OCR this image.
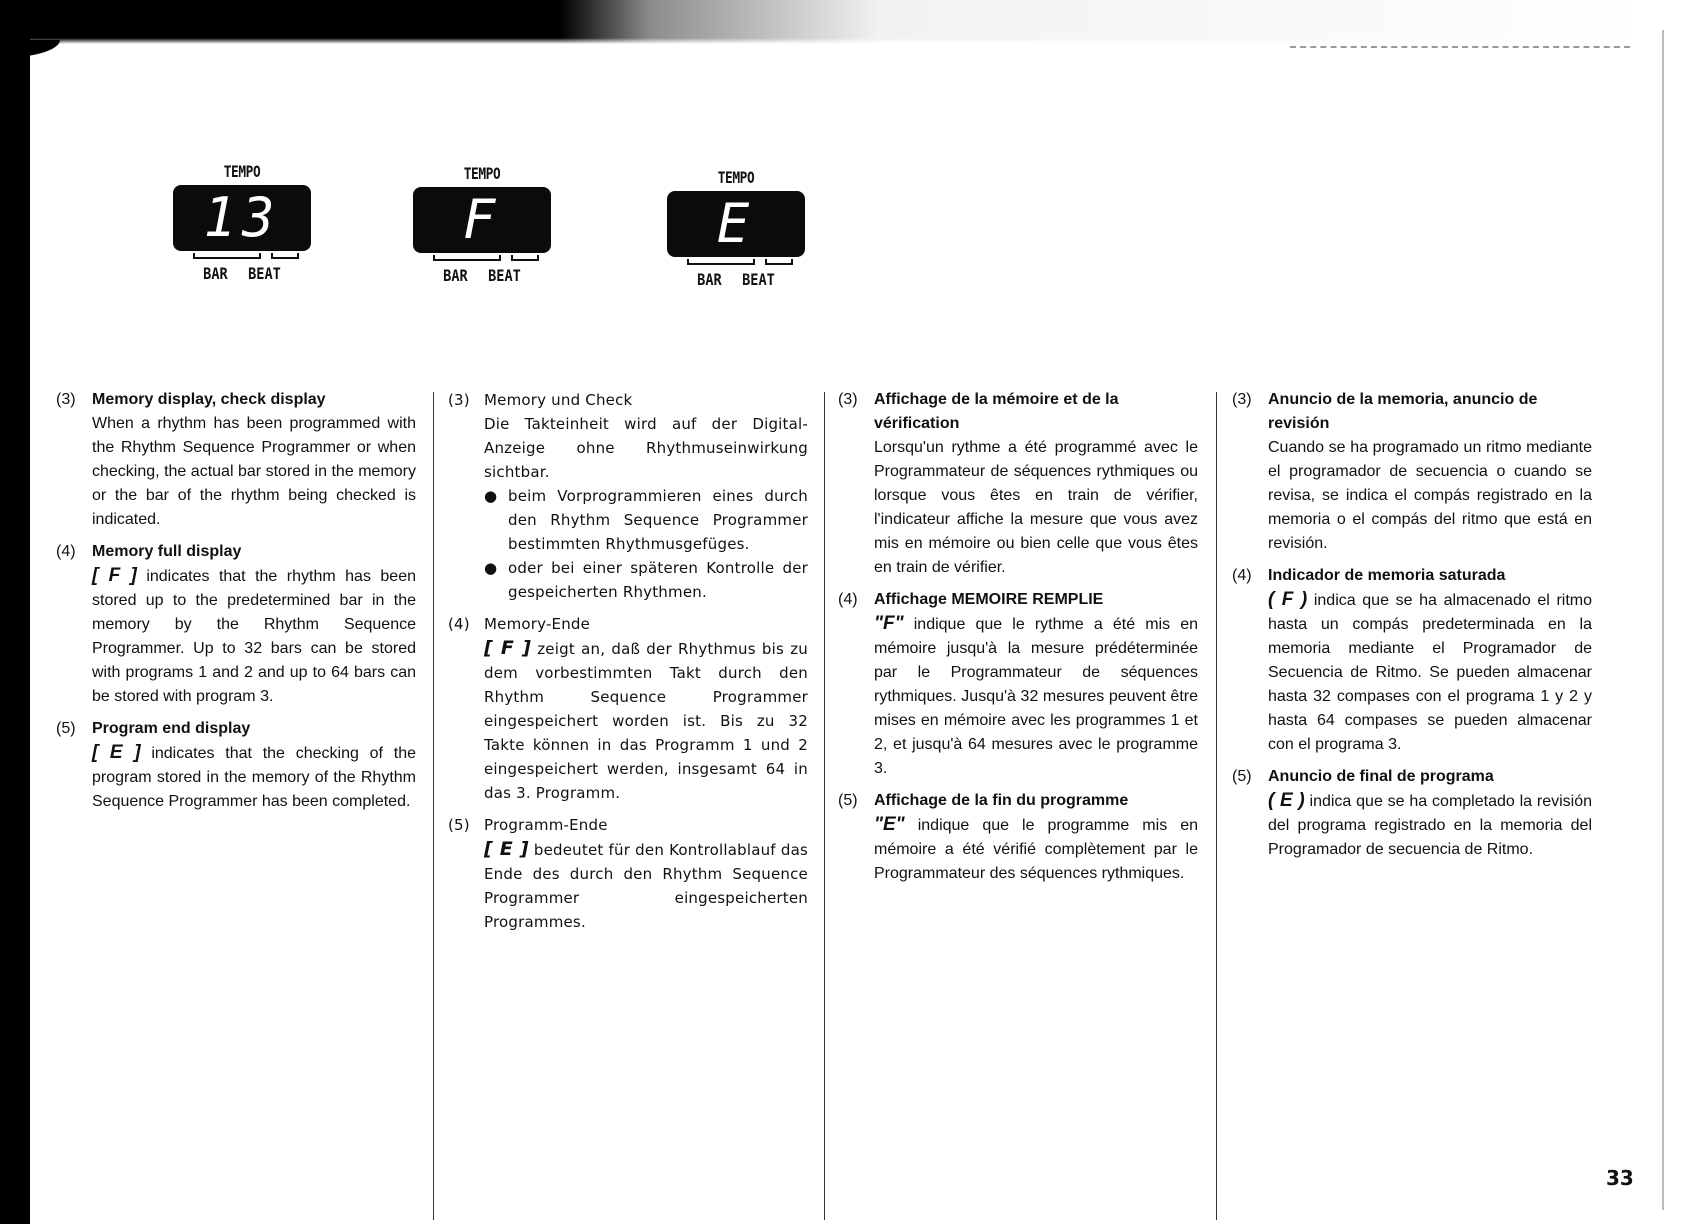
TEMPO
13
BAR BEAT
TEMPO
F
BAR BEAT
TEMPO
E
BAR BEAT
(3)	Memory display, check display
When a rhythm has been programmed with the Rhythm Sequence Programmer or when checking, the actual bar stored in the memory or the bar of the rhythm being checked is indicated.
(4)	Memory full display
[ F ] indicates that the rhythm has been stored up to the predetermined bar in the memory by the Rhythm Sequence Programmer. Up to 32 bars can be stored with programs 1 and 2 and up to 64 bars can be stored with program 3.
(5)	Program end display
[ E ] indicates that the checking of the program stored in the memory of the Rhythm Sequence Programmer has been completed.
(3) Memory und Check
Die Takteinheit wird auf der Digital-Anzeige ohne Rhythmuseinwirkung sichtbar.
● beim Vorprogrammieren eines durch den Rhythm Sequence Programmer bestimmten Rhythmusgefüges.
● oder bei einer späteren Kontrolle der gespeicherten Rhythmen.
(4) Memory-Ende
[ F ] zeigt an, daß der Rhythmus bis zu dem vorbestimmten Takt durch den Rhythm Sequence Programmer eingespeichert worden ist. Bis zu 32 Takte können in das Programm 1 und 2 eingespeichert werden, insgesamt 64 in das 3. Programm.
(5) Programm-Ende
[ E ] bedeutet für den Kontrollablauf das Ende des durch den Rhythm Sequence Programmer eingespeicherten Programmes.
(3)	Affichage de la mémoire et de la vérification
Lorsqu'un rythme a été programmé avec le Programmateur de séquences rythmiques ou lorsque vous êtes en train de vérifier, l'indicateur affiche la mesure que vous avez mis en mémoire ou bien celle que vous êtes en train de vérifier.
(4)	Affichage MEMOIRE REMPLIE
"F" indique que le rythme a été mis en mémoire jusqu'à la mesure prédéterminée par le Programmateur de séquences rythmiques. Jusqu'à 32 mesures peuvent être mises en mémoire avec les programmes 1 et 2, et jusqu'à 64 mesures avec le programme 3.
(5)	Affichage de la fin du programme
"E" indique que le programme mis en mémoire a été vérifié complètement par le Programmateur des séquences rythmiques.
(3)	Anuncio de la memoria, anuncio de revisión
Cuando se ha programado un ritmo mediante el programador de secuencia o cuando se revisa, se indica el compás registrado en la memoria o el compás del ritmo que está en revisión.
(4)	Indicador de memoria saturada
( F ) indica que se ha almacenado el ritmo hasta un compás predeterminada en la memoria mediante el Programador de Secuencia de Ritmo. Se pueden almacenar hasta 32 compases con el programa 1 y 2 y hasta 64 compases se pueden almacenar con el programa 3.
(5)	Anuncio de final de programa
( E ) indica que se ha completado la revisión del programa registrado en la memoria del Programador de secuencia de Ritmo.
33
